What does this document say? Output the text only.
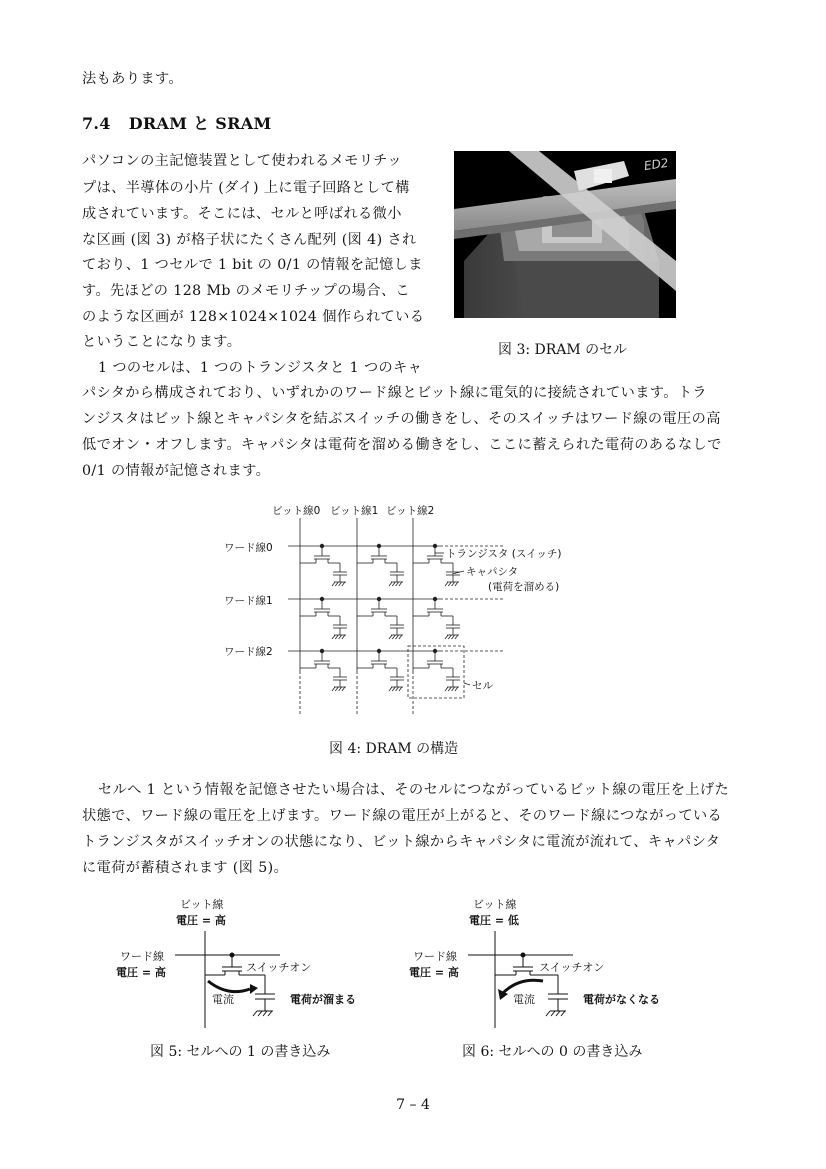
法もあります。
7.4 DRAM と SRAM
パソコンの主記憶装置として使われるメモリチッ
プは、半導体の小片 (ダイ) 上に電子回路として構
成されています。そこには、セルと呼ばれる微小
な区画 (図 3) が格子状にたくさん配列 (図 4) され
ており、1 つセルで 1 bit の 0/1 の情報を記憶しま
す。先ほどの 128 Mb のメモリチップの場合、こ
のような区画が 128×1024×1024 個作られている
ということになります。
1 つのセルは、1 つのトランジスタと 1 つのキャ
パシタから構成されており、いずれかのワード線とビット線に電気的に接続されています。トラ
ンジスタはビット線とキャパシタを結ぶスイッチの働きをし、そのスイッチはワード線の電圧の高
低でオン・オフします。キャパシタは電荷を溜める働きをし、ここに蓄えられた電荷のあるなしで
0/1 の情報が記憶されます。
ED2
図 3: DRAM のセル
ビット線0 ビット線1 ビット線2
ワード線0
ワード線1
ワード線2
トランジスタ (スイッチ)
キャパシタ
(電荷を溜める)
セル
図 4: DRAM の構造
セルへ 1 という情報を記憶させたい場合は、そのセルにつながっているビット線の電圧を上げた
状態で、ワード線の電圧を上げます。ワード線の電圧が上がると、そのワード線につながっている
トランジスタがスイッチオンの状態になり、ビット線からキャパシタに電流が流れて、キャパシタ
に電荷が蓄積されます (図 5)。
ビット線
電圧 = 高
ワード線
電圧 = 高	スイッチオン
電流	電荷が溜まる
図 5: セルへの 1 の書き込み
ビット線
電圧 = 低
ワード線
電圧 = 高	スイッチオン
電流	電荷がなくなる
図 6: セルへの 0 の書き込み
7 – 4
